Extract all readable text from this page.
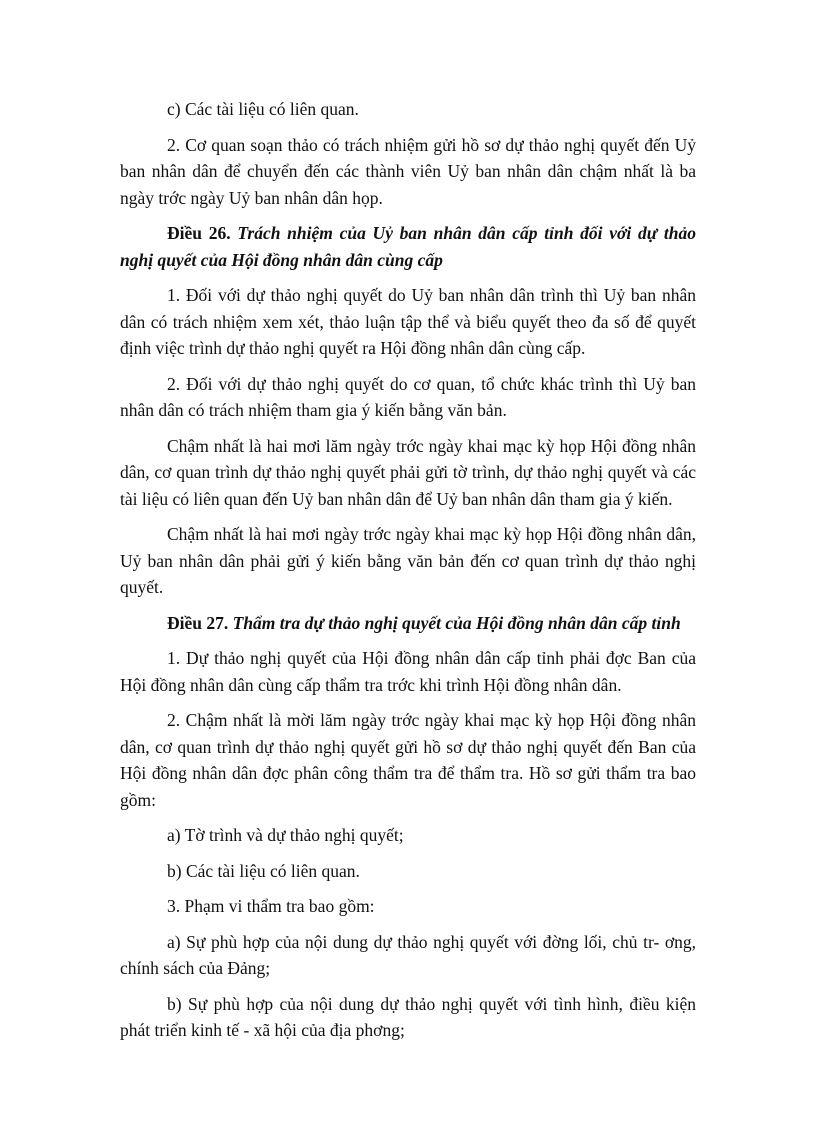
c) Các tài liệu có liên quan.

2. Cơ quan soạn thảo có trách nhiệm gửi hồ sơ dự thảo nghị quyết đến Uỷ ban nhân dân để chuyển đến các thành viên Uỷ ban nhân dân chậm nhất là ba ngày trớc ngày Uỷ ban nhân dân họp.

Điều 26. Trách nhiệm của Uỷ ban nhân dân cấp tỉnh đối với dự thảo nghị quyết của Hội đồng nhân dân cùng cấp

1. Đối với dự thảo nghị quyết do Uỷ ban nhân dân trình thì Uỷ ban nhân dân có trách nhiệm xem xét, thảo luận tập thể và biểu quyết theo đa số để quyết định việc trình dự thảo nghị quyết ra Hội đồng nhân dân cùng cấp.

2. Đối với dự thảo nghị quyết do cơ quan, tổ chức khác trình thì Uỷ ban nhân dân có trách nhiệm tham gia ý kiến bằng văn bản.

Chậm nhất là hai mơi lăm ngày trớc ngày khai mạc kỳ họp Hội đồng nhân dân, cơ quan trình dự thảo nghị quyết phải gửi tờ trình, dự thảo nghị quyết và các tài liệu có liên quan đến Uỷ ban nhân dân để Uỷ ban nhân dân tham gia ý kiến.

Chậm nhất là hai mơi ngày trớc ngày khai mạc kỳ họp Hội đồng nhân dân, Uỷ ban nhân dân phải gửi ý kiến bằng văn bản đến cơ quan trình dự thảo nghị quyết.

Điều 27. Thẩm tra dự thảo nghị quyết của Hội đồng nhân dân cấp tỉnh

1. Dự thảo nghị quyết của Hội đồng nhân dân cấp tỉnh phải đợc Ban của Hội đồng nhân dân cùng cấp thẩm tra trớc khi trình Hội đồng nhân dân.

2. Chậm nhất là mời lăm ngày trớc ngày khai mạc kỳ họp Hội đồng nhân dân, cơ quan trình dự thảo nghị quyết gửi hồ sơ dự thảo nghị quyết đến Ban của Hội đồng nhân dân đợc phân công thẩm tra để thẩm tra. Hồ sơ gửi thẩm tra bao gồm:

a) Tờ trình và dự thảo nghị quyết;

b) Các tài liệu có liên quan.

3. Phạm vi thẩm tra bao gồm:

a) Sự phù hợp của nội dung dự thảo nghị quyết với đờng lối, chủ tr- ơng, chính sách của Đảng;

b) Sự phù hợp của nội dung dự thảo nghị quyết với tình hình, điều kiện phát triển kinh tế - xã hội của địa phơng;
